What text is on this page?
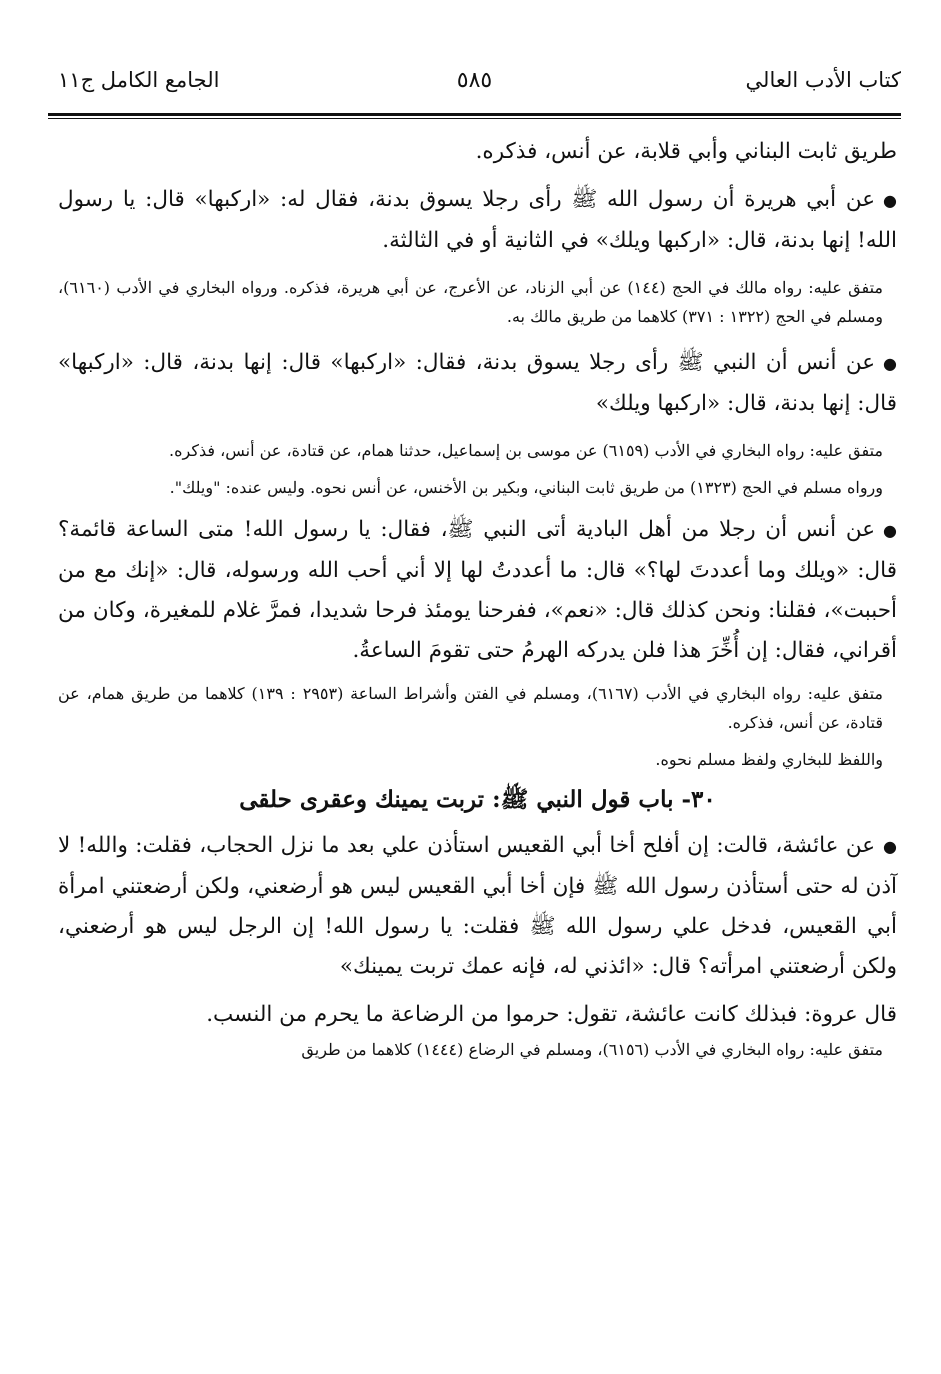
كتاب الأدب العالي
٥٨٥
الجامع الكامل ج١١

طريق ثابت البناني وأبي قلابة، عن أنس، فذكره.

●عن أبي هريرة أن رسول الله ﷺ رأى رجلا يسوق بدنة، فقال له: «اركبها» قال: يا رسول الله! إنها بدنة، قال: «اركبها ويلك» في الثانية أو في الثالثة.

متفق عليه: رواه مالك في الحج (١٤٤) عن أبي الزناد، عن الأعرج، عن أبي هريرة، فذكره. ورواه البخاري في الأدب (٦١٦٠)، ومسلم في الحج (١٣٢٢ : ٣٧١) كلاهما من طريق مالك به.

●عن أنس أن النبي ﷺ رأى رجلا يسوق بدنة، فقال: «اركبها» قال: إنها بدنة، قال: «اركبها» قال: إنها بدنة، قال: «اركبها ويلك»

متفق عليه: رواه البخاري في الأدب (٦١٥٩) عن موسى بن إسماعيل، حدثنا همام، عن قتادة، عن أنس، فذكره.

ورواه مسلم في الحج (١٣٢٣) من طريق ثابت البناني، وبكير بن الأخنس، عن أنس نحوه. وليس عنده: "ويلك".

●عن أنس أن رجلا من أهل البادية أتى النبي ﷺ، فقال: يا رسول الله! متى الساعة قائمة؟ قال: «ويلك وما أعددتَ لها؟» قال: ما أعددتُ لها إلا أني أحب الله ورسوله، قال: «إنك مع من أحببت»، فقلنا: ونحن كذلك قال: «نعم»، ففرحنا يومئذ فرحا شديدا، فمرَّ غلام للمغيرة، وكان من أقراني، فقال: إن أُخِّرَ هذا فلن يدركه الهرمُ حتى تقومَ الساعةُ.

متفق عليه: رواه البخاري في الأدب (٦١٦٧)، ومسلم في الفتن وأشراط الساعة (٢٩٥٣ : ١٣٩) كلاهما من طريق همام، عن قتادة، عن أنس، فذكره.

واللفظ للبخاري ولفظ مسلم نحوه.

٣٠- باب قول النبي ﷺ: تربت يمينك وعقرى حلقى

●عن عائشة، قالت: إن أفلح أخا أبي القعيس استأذن علي بعد ما نزل الحجاب، فقلت: والله! لا آذن له حتى أستأذن رسول الله ﷺ فإن أخا أبي القعيس ليس هو أرضعني، ولكن أرضعتني امرأة أبي القعيس، فدخل علي رسول الله ﷺ فقلت: يا رسول الله! إن الرجل ليس هو أرضعني، ولكن أرضعتني امرأته؟ قال: «ائذني له، فإنه عمك تربت يمينك»

قال عروة: فبذلك كانت عائشة، تقول: حرموا من الرضاعة ما يحرم من النسب.

متفق عليه: رواه البخاري في الأدب (٦١٥٦)، ومسلم في الرضاع (١٤٤٤) كلاهما من طريق
